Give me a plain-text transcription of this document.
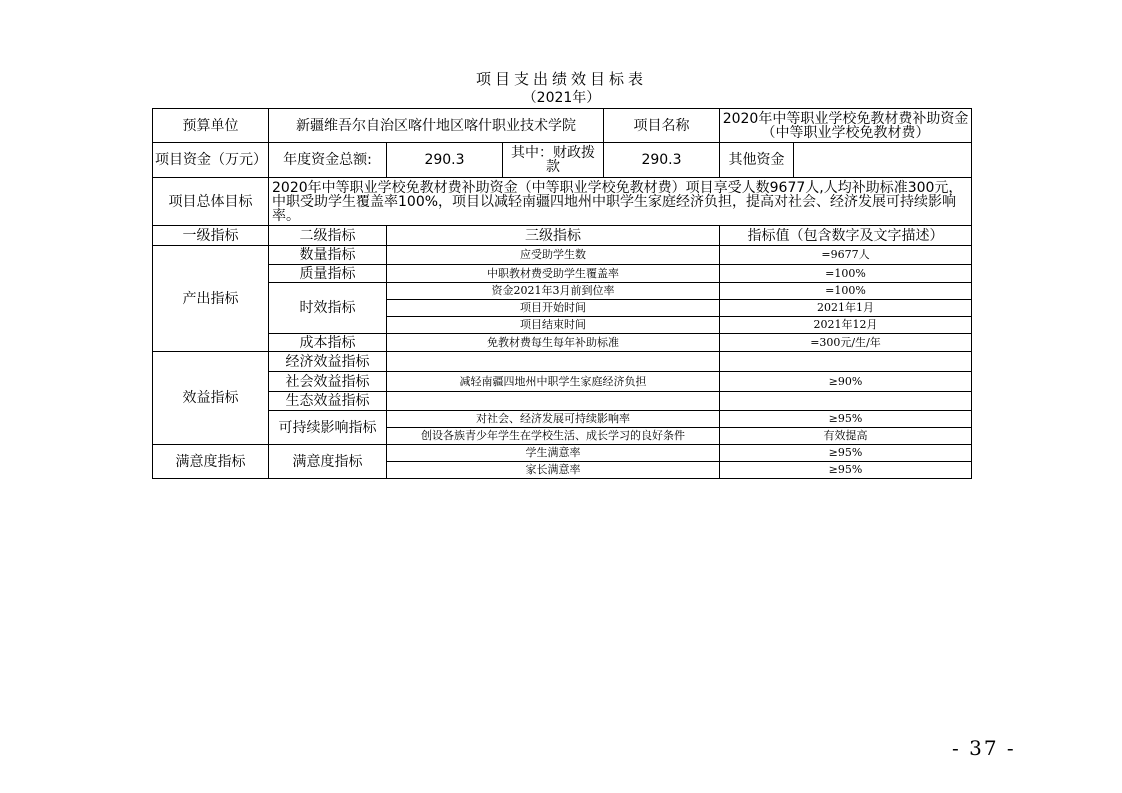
项目支出绩效目标表
（2021年）
预算单位	新疆维吾尔自治区喀什地区喀什职业技术学院			项目名称	2020年中等职业学校免教材费补助资金（中等职业学校免教材费）	
项目资金（万元）	年度资金总额:	290.3	其中：财政拨款	290.3	其他资金	
项目总体目标	2020年中等职业学校免教材费补助资金（中等职业学校免教材费）项目享受人数9677人,人均补助标准300元，中职受助学生覆盖率100%，项目以减轻南疆四地州中职学生家庭经济负担，提高对社会、经济发展可持续影响率。					
一级指标	二级指标	三级指标			指标值（包含数字及文字描述）	
产出指标	数量指标	应受助学生数			=9677人	
	质量指标	中职教材费受助学生覆盖率			=100%	
	时效指标	资金2021年3月前到位率			=100%	
		项目开始时间			2021年1月	
		项目结束时间			2021年12月	
	成本指标	免教材费每生每年补助标准			=300元/生/年	
效益指标	经济效益指标					
	社会效益指标	减轻南疆四地州中职学生家庭经济负担			≥90%	
	生态效益指标					
	可持续影响指标	对社会、经济发展可持续影响率			≥95%	
		创设各族青少年学生在学校生活、成长学习的良好条件			有效提高	
满意度指标	满意度指标	学生满意率			≥95%	
		家长满意率			≥95%	
- 37 -
